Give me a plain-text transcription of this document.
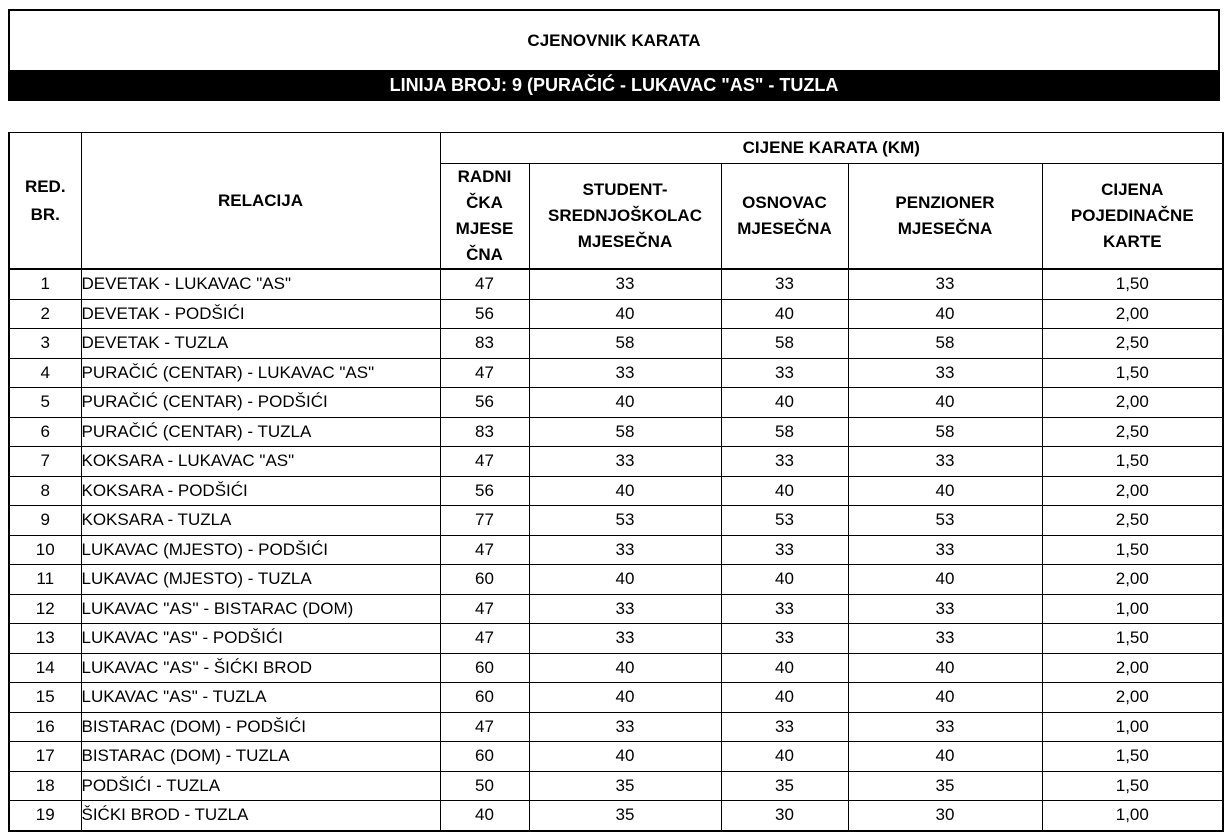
CJENOVNIK KARATA
LINIJA BROJ: 9 (PURAČIĆ - LUKAVAC "AS" - TUZLA
RED. BR.	RELACIJA	CIJENE KARATA (KM)				
		RADNI ČKA MJESE ČNA	STUDENT- SREDNJOŠKOLAC MJESEČNA	OSNOVAC MJESEČNA	PENZIONER MJESEČNA	CIJENA POJEDINAČNE KARTE
1	DEVETAK - LUKAVAC "AS"	47	33	33	33	1,50
2	DEVETAK - PODŠIĆI	56	40	40	40	2,00
3	DEVETAK - TUZLA	83	58	58	58	2,50
4	PURAČIĆ (CENTAR) - LUKAVAC "AS"	47	33	33	33	1,50
5	PURAČIĆ (CENTAR) - PODŠIĆI	56	40	40	40	2,00
6	PURAČIĆ (CENTAR) - TUZLA	83	58	58	58	2,50
7	KOKSARA - LUKAVAC "AS"	47	33	33	33	1,50
8	KOKSARA - PODŠIĆI	56	40	40	40	2,00
9	KOKSARA - TUZLA	77	53	53	53	2,50
10	LUKAVAC (MJESTO) - PODŠIĆI	47	33	33	33	1,50
11	LUKAVAC (MJESTO) - TUZLA	60	40	40	40	2,00
12	LUKAVAC ''AS'' - BISTARAC (DOM)	47	33	33	33	1,00
13	LUKAVAC "AS" - PODŠIĆI	47	33	33	33	1,50
14	LUKAVAC ''AS'' - ŠIĆKI BROD	60	40	40	40	2,00
15	LUKAVAC "AS" - TUZLA	60	40	40	40	2,00
16	BISTARAC (DOM) - PODŠIĆI	47	33	33	33	1,00
17	BISTARAC (DOM) - TUZLA	60	40	40	40	1,50
18	PODŠIĆI - TUZLA	50	35	35	35	1,50
19	ŠIĆKI BROD - TUZLA	40	35	30	30	1,00
